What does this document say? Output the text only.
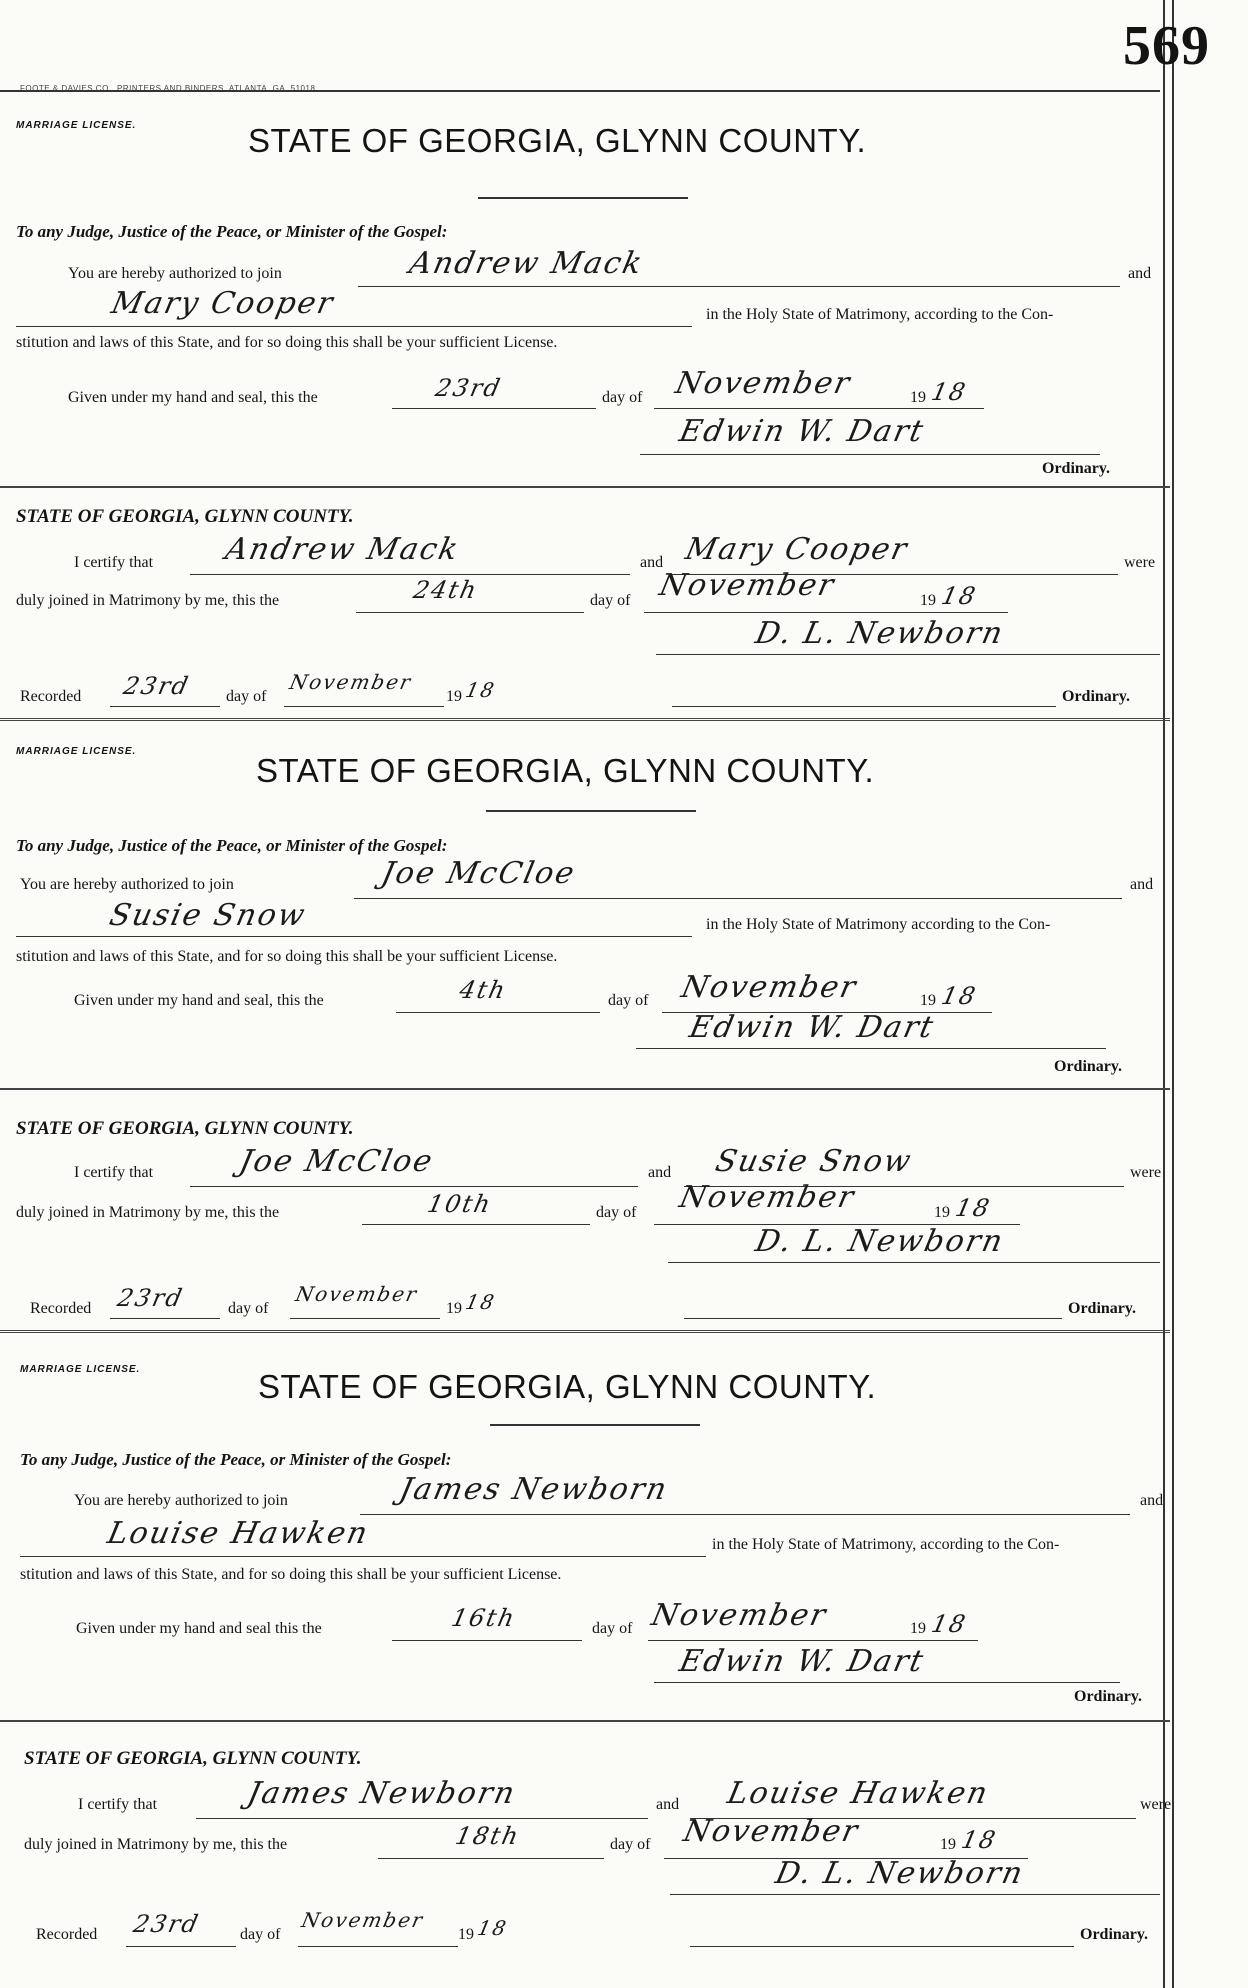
569
FOOTE & DAVIES CO., PRINTERS AND BINDERS, ATLANTA, GA. 51018
MARRIAGE LICENSE.	STATE OF GEORGIA, GLYNN COUNTY.
To any Judge, Justice of the Peace, or Minister of the Gospel:
You are hereby authorized to join	Andrew Mack	and
Mary Cooper	in the Holy State of Matrimony, according to the Con-
stitution and laws of this State, and for so doing this shall be your sufficient License.
Given under my hand and seal, this the	23rd	day of November	19 18
Edwin W. Dart
Ordinary.
STATE OF GEORGIA, GLYNN COUNTY.
I certify that Andrew Mack	and Mary Cooper	were
duly joined in Matrimony by me, this the	24th	day of November	19 18
D. L. Newborn
Recorded 23rd day of
November
19 18	Ordinary.
MARRIAGE LICENSE.
STATE OF GEORGIA, GLYNN COUNTY.
To any Judge, Justice of the Peace, or Minister of the Gospel:
You are hereby authorized to join	Joe McCloe	and
Susie Snow	in the Holy State of Matrimony according to the Con-
stitution and laws of this State, and for so doing this shall be your sufficient License.
Given under my hand and seal, this the	4th	day of November	19 18
Edwin W. Dart
Ordinary.
STATE OF GEORGIA, GLYNN COUNTY.
I certify that	Joe McCloe	and Susie Snow	were
duly joined in Matrimony by me, this the	10th	day of November	19 18
D. L. Newborn
Recorded 23rd	day of
November
19 18	Ordinary.
MARRIAGE LICENSE.	STATE OF GEORGIA, GLYNN COUNTY.
To any Judge, Justice of the Peace, or Minister of the Gospel:
You are hereby authorized to join	James Newborn	and
Louise Hawken	in the Holy State of Matrimony, according to the Con-
stitution and laws of this State, and for so doing this shall be your sufficient License.
Given under my hand and seal this the	16th	day of November	19 18
Edwin W. Dart
Ordinary.
STATE OF GEORGIA, GLYNN COUNTY.
I certify that	James Newborn	and Louise Hawken	were
duly joined in Matrimony by me, this the	18th	day of November	19 18
D. L. Newborn
Recorded 23rd day of
November
19 18	Ordinary.
